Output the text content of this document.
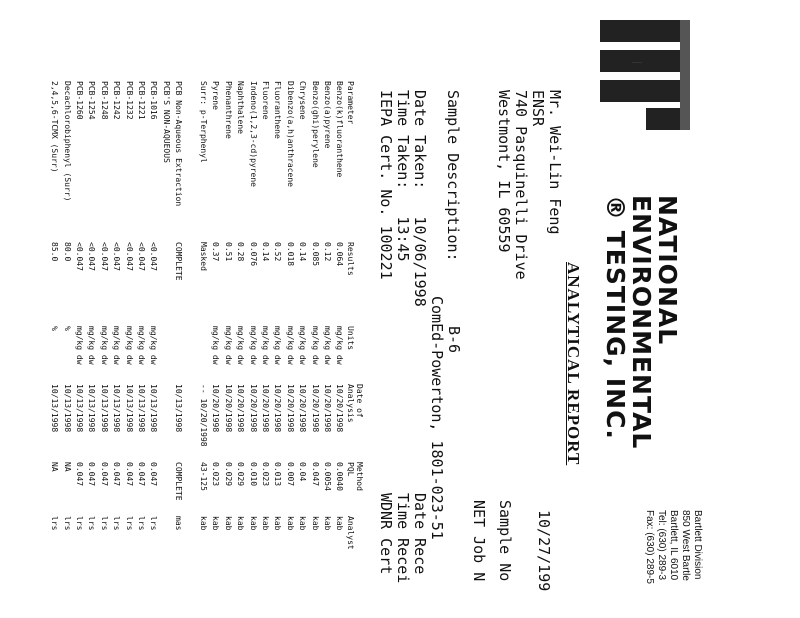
NATIONAL
ENVIRONMENTAL
® TESTING, INC.
Bartlett Division
850 West Bartle
Bartlett, IL 6010
Tel: (630) 289-3
Fax: (630) 289-5
ANALYTICAL REPORT
10/27/199
Sample No
NET Job N
Mr. Wei-Lin Feng
ENSR
740 Pasquinelli Drive
Westmont, IL 60559
Sample Description:
B-6
ComEd-Powerton, 1801-023-51
Date Taken:   10/06/1998
Time Taken:   13:45
IEPA Cert. No. 100221
Date Rece
Time Recei
WDNR Cert
Parameter	Results	Units	Date of Analysis	Method PQL	Analyst
Benzo(k)fluoranthene	0.064	mg/kg dw	10/20/1998	0.0040	kab
Benzo(a)pyrene	0.12	mg/kg dw	10/20/1998	0.0054	kab
Benzo(ghi)perylene	0.085	mg/kg dw	10/20/1998	0.047	kab
Chrysene	0.14	mg/kg dw	10/20/1998	0.04	kab
Dibenzo(a,h)anthracene	0.018	mg/kg dw	10/20/1998	0.007	kab
Fluoranthene	0.52	mg/kg dw	10/20/1998	0.013	kab
Fluorene	0.14	mg/kg dw	10/20/1998	0.023	kab
Indeno(1,2,3-cd)pyrene	0.076	mg/kg dw	10/20/1998	0.010	kab
Naphthalene	0.28	mg/kg dw	10/20/1998	0.029	kab
Phenanthrene	0.51	mg/kg dw	10/20/1998	0.029	kab
Pyrene	0.37	mg/kg dw	10/20/1998	0.023	kab
Surr: p-Terphenyl	Masked		-- 10/20/1998	43-125	kab

PCB Non-Aqueous Extraction	COMPLETE		10/13/1998	COMPLETE	mas
PCB'S NON-AQUEOUS					
PCB-1016	<0.047	mg/kg dw	10/13/1998	0.047	lrs
PCB-1221	<0.047	mg/kg dw	10/13/1998	0.047	lrs
PCB-1232	<0.047	mg/kg dw	10/13/1998	0.047	lrs
PCB-1242	<0.047	mg/kg dw	10/13/1998	0.047	lrs
PCB-1248	<0.047	mg/kg dw	10/13/1998	0.047	lrs
PCB-1254	<0.047	mg/kg dw	10/13/1998	0.047	lrs
PCB-1260	<0.047	mg/kg dw	10/13/1998	0.047	lrs
Decachlorobiphenyl (Surr)	80.0	%	10/13/1998	NA	lrs
2,4,5,6-TCMX (Surr)	85.0	%	10/13/1998	NA	lrs
